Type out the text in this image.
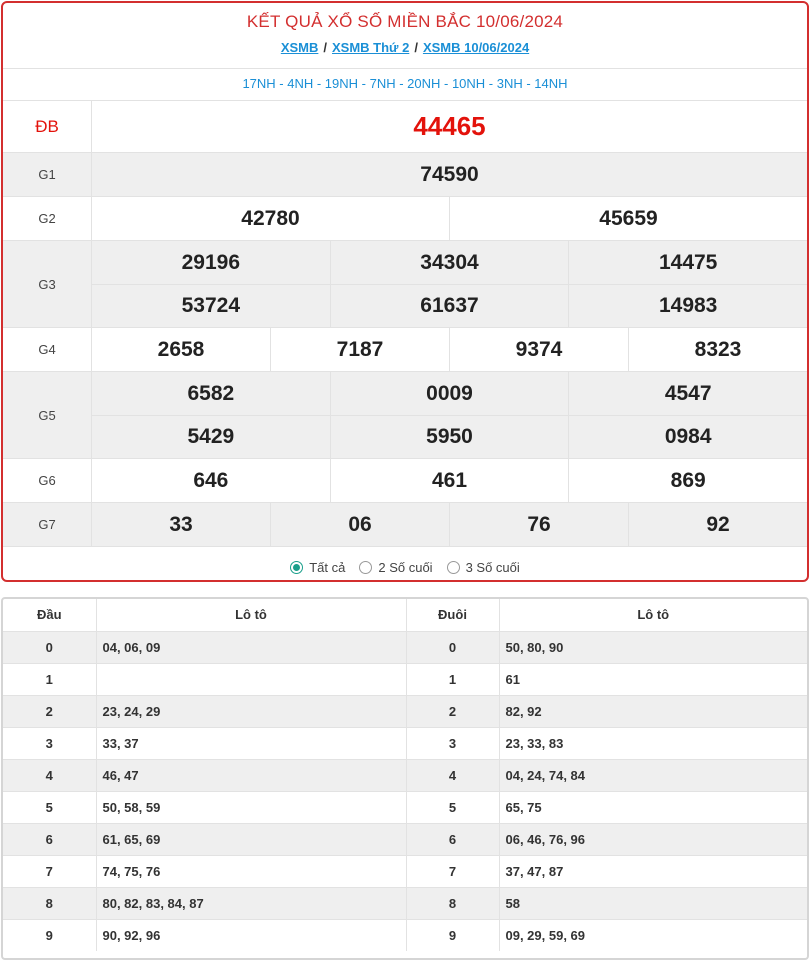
KẾT QUẢ XỔ SỐ MIỀN BẮC 10/06/2024
XSMB / XSMB Thứ 2 / XSMB 10/06/2024
17NH - 4NH - 19NH - 7NH - 20NH - 10NH - 3NH - 14NH
ĐB	44465
G1	74590
G2	42780	45659
G3
29196	34304	14475
53724	61637	14983
G4	2658	7187	9374	8323
G5
6582	0009	4547
5429	5950	0984
G6	646	461	869
G7	33	06	76	92
Tất cả	2 Số cuối	3 Số cuối
Đầu	Lô tô	Đuôi	Lô tô
0	04, 06, 09	0	50, 80, 90
1		1	61
2	23, 24, 29	2	82, 92
3	33, 37	3	23, 33, 83
4	46, 47	4	04, 24, 74, 84
5	50, 58, 59	5	65, 75
6	61, 65, 69	6	06, 46, 76, 96
7	74, 75, 76	7	37, 47, 87
8	80, 82, 83, 84, 87	8	58
9	90, 92, 96	9	09, 29, 59, 69
